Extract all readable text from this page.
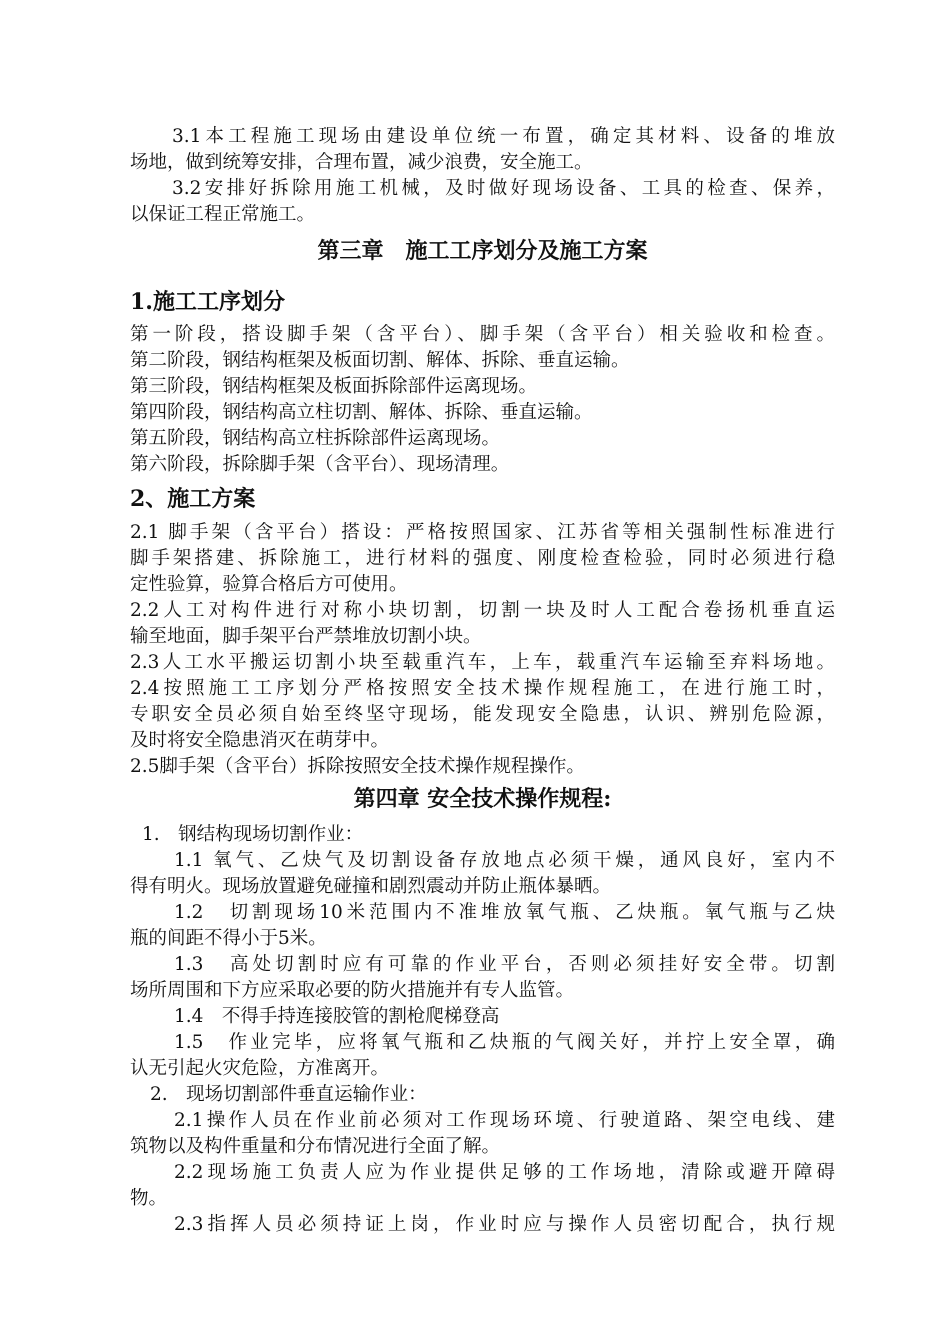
3.1本工程施工现场由建设单位统一布置，确定其材料、设备的堆放
场地，做到统筹安排，合理布置，减少浪费，安全施工。
3.2安排好拆除用施工机械，及时做好现场设备、工具的检查、保养，
以保证工程正常施工。
第三章　施工工序划分及施工方案
1.施工工序划分
第一阶段，搭设脚手架（含平台）、脚手架（含平台）相关验收和检查。
第二阶段，钢结构框架及板面切割、解体、拆除、垂直运输。
第三阶段，钢结构框架及板面拆除部件运离现场。
第四阶段，钢结构高立柱切割、解体、拆除、垂直运输。
第五阶段，钢结构高立柱拆除部件运离现场。
第六阶段，拆除脚手架（含平台）、现场清理。
2、施工方案
2.1 脚手架（含平台）搭设：严格按照国家、江苏省等相关强制性标准进行
脚手架搭建、拆除施工，进行材料的强度、刚度检查检验，同时必须进行稳
定性验算，验算合格后方可使用。
2.2人工对构件进行对称小块切割，切割一块及时人工配合卷扬机垂直运
输至地面，脚手架平台严禁堆放切割小块。
2.3人工水平搬运切割小块至载重汽车，上车，载重汽车运输至弃料场地。
2.4按照施工工序划分严格按照安全技术操作规程施工，在进行施工时，
专职安全员必须自始至终坚守现场，能发现安全隐患，认识、辨别危险源，
及时将安全隐患消灭在萌芽中。
2.5脚手架（含平台）拆除按照安全技术操作规程操作。
第四章 安全技术操作规程:
1.　钢结构现场切割作业：
1.1 氧气、乙炔气及切割设备存放地点必须干燥，通风良好，室内不
得有明火。现场放置避免碰撞和剧烈震动并防止瓶体暴晒。
1.2　切割现场10米范围内不准堆放氧气瓶、乙炔瓶。氧气瓶与乙炔
瓶的间距不得小于5米。
1.3　高处切割时应有可靠的作业平台，否则必须挂好安全带。切割
场所周围和下方应采取必要的防火措施并有专人监管。
1.4　不得手持连接胶管的割枪爬梯登高
1.5　作业完毕，应将氧气瓶和乙炔瓶的气阀关好，并拧上安全罩，确
认无引起火灾危险，方准离开。
2.　现场切割部件垂直运输作业：
2.1操作人员在作业前必须对工作现场环境、行驶道路、架空电线、建
筑物以及构件重量和分布情况进行全面了解。
2.2现场施工负责人应为作业提供足够的工作场地，清除或避开障碍
物。
2.3指挥人员必须持证上岗，作业时应与操作人员密切配合，执行规
